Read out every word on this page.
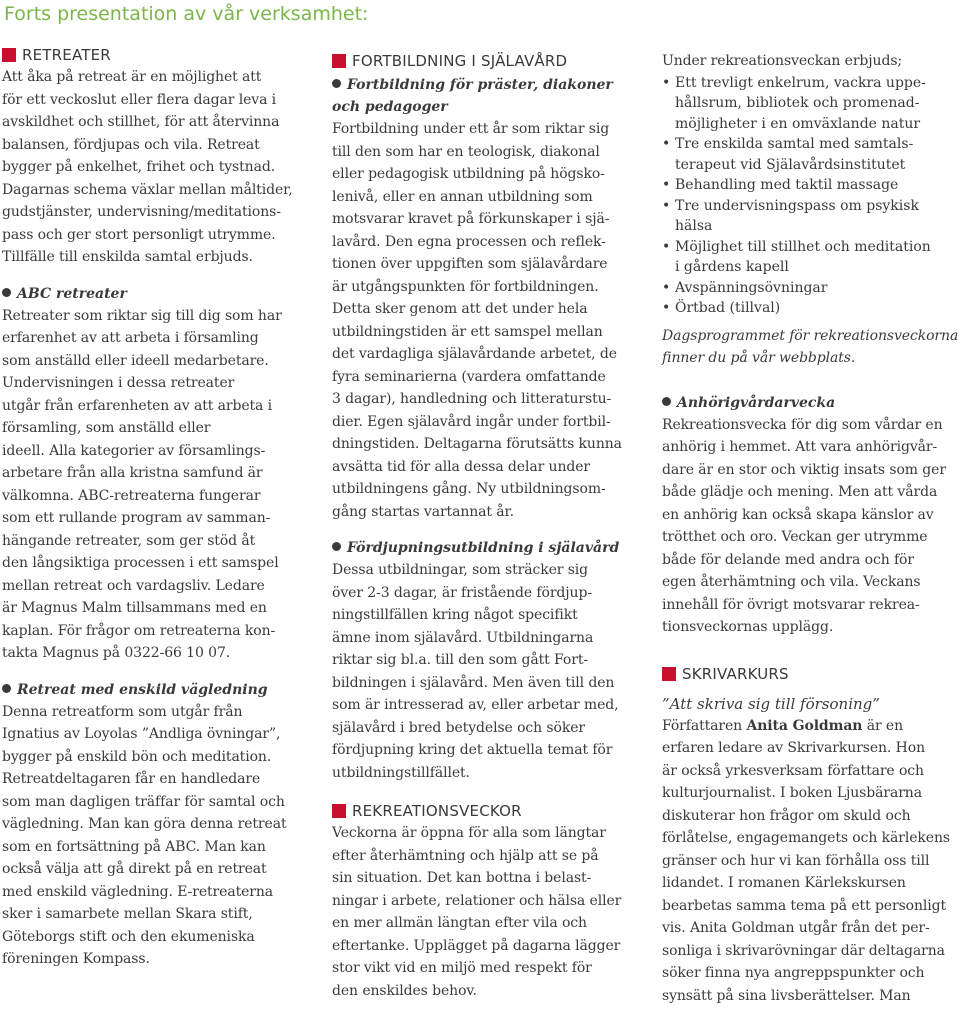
Forts presentation av vår verksamhet:
RETREATER
Att åka på retreat är en möjlighet att
för ett veckoslut eller flera dagar leva i
avskildhet och stillhet, för att återvinna
balansen, fördjupas och vila. Retreat
bygger på enkelhet, frihet och tystnad.
Dagarnas schema växlar mellan måltider,
gudstjänster, undervisning/meditations-
pass och ger stort personligt utrymme.
Tillfälle till enskilda samtal erbjuds.
ABC retreater
Retreater som riktar sig till dig som har
erfarenhet av att arbeta i församling
som anställd eller ideell medarbetare.
Undervisningen i dessa retreater
utgår från erfarenheten av att arbeta i
församling, som anställd eller
ideell. Alla kategorier av församlings-
arbetare från alla kristna samfund är
välkomna. ABC-retreaterna fungerar
som ett rullande program av samman-
hängande retreater, som ger stöd åt
den långsiktiga processen i ett samspel
mellan retreat och vardagsliv. Ledare
är Magnus Malm tillsammans med en
kaplan. För frågor om retreaterna kon-
takta Magnus på 0322-66 10 07.
Retreat med enskild vägledning
Denna retreatform som utgår från
Ignatius av Loyolas ”Andliga övningar”,
bygger på enskild bön och meditation.
Retreatdeltagaren får en handledare
som man dagligen träffar för samtal och
vägledning. Man kan göra denna retreat
som en fortsättning på ABC. Man kan
också välja att gå direkt på en retreat
med enskild vägledning. E-retreaterna
sker i samarbete mellan Skara stift,
Göteborgs stift och den ekumeniska
föreningen Kompass.
FORTBILDNING I SJÄLAVÅRD
Fortbildning för präster, diakoner
och pedagoger
Fortbildning under ett år som riktar sig
till den som har en teologisk, diakonal
eller pedagogisk utbildning på högsko-
lenivå, eller en annan utbildning som
motsvarar kravet på förkunskaper i sjä-
lavård. Den egna processen och reflek-
tionen över uppgiften som själavårdare
är utgångspunkten för fortbildningen.
Detta sker genom att det under hela
utbildningstiden är ett samspel mellan
det vardagliga själavårdande arbetet, de
fyra seminarierna (vardera omfattande
3 dagar), handledning och litteraturstu-
dier. Egen själavård ingår under fortbil-
dningstiden. Deltagarna förutsätts kunna
avsätta tid för alla dessa delar under
utbildningens gång. Ny utbildningsom-
gång startas vartannat år.
Fördjupningsutbildning i själavård
Dessa utbildningar, som sträcker sig
över 2-3 dagar, är fristående fördjup-
ningstillfällen kring något specifikt
ämne inom själavård. Utbildningarna
riktar sig bl.a. till den som gått Fort-
bildningen i själavård. Men även till den
som är intresserad av, eller arbetar med,
själavård i bred betydelse och söker
fördjupning kring det aktuella temat för
utbildningstillfället.
REKREATIONSVECKOR
Veckorna är öppna för alla som längtar
efter återhämtning och hjälp att se på
sin situation. Det kan bottna i belast-
ningar i arbete, relationer och hälsa eller
en mer allmän längtan efter vila och
eftertanke. Upplägget på dagarna lägger
stor vikt vid en miljö med respekt för
den enskildes behov.
Under rekreationsveckan erbjuds;
• Ett trevligt enkelrum, vackra uppe-
hållsrum, bibliotek och promenad-
möjligheter i en omväxlande natur
• Tre enskilda samtal med samtals-
terapeut vid Själavårdsinstitutet
• Behandling med taktil massage
• Tre undervisningspass om psykisk
hälsa
• Möjlighet till stillhet och meditation
i gårdens kapell
• Avspänningsövningar
• Örtbad (tillval)
Dagsprogrammet för rekreationsveckorna
finner du på vår webbplats.
Anhörigvårdarvecka
Rekreationsvecka för dig som vårdar en
anhörig i hemmet. Att vara anhörigvår-
dare är en stor och viktig insats som ger
både glädje och mening. Men att vårda
en anhörig kan också skapa känslor av
trötthet och oro. Veckan ger utrymme
både för delande med andra och för
egen återhämtning och vila. Veckans
innehåll för övrigt motsvarar rekrea-
tionsveckornas upplägg.
SKRIVARKURS
”Att skriva sig till försoning”
Författaren Anita Goldman är en
erfaren ledare av Skrivarkursen. Hon
är också yrkesverksam författare och
kulturjournalist. I boken Ljusbärarna
diskuterar hon frågor om skuld och
förlåtelse, engagemangets och kärlekens
gränser och hur vi kan förhålla oss till
lidandet. I romanen Kärlekskursen
bearbetas samma tema på ett personligt
vis. Anita Goldman utgår från det per-
sonliga i skrivarövningar där deltagarna
söker finna nya angreppspunkter och
synsätt på sina livsberättelser. Man
